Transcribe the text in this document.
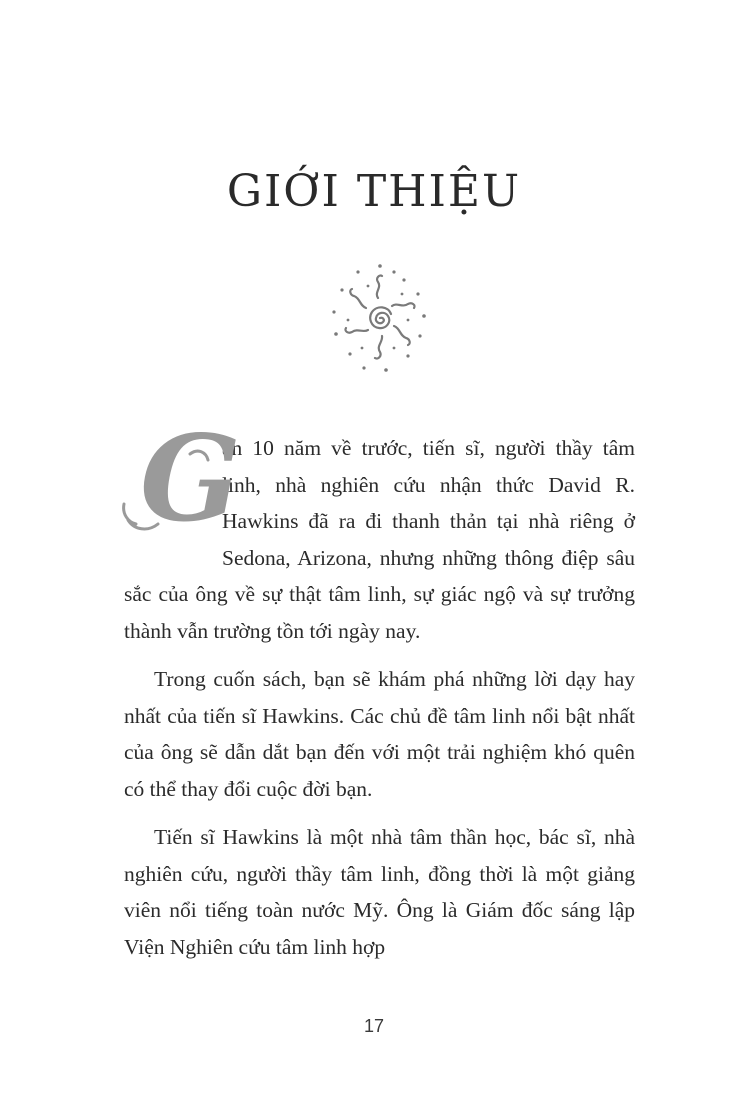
GIỚI THIỆU

G
ần 10 năm về trước, tiến sĩ, người thầy tâm linh, nhà nghiên cứu nhận thức David R. Hawkins đã ra đi thanh thản tại nhà riêng ở Sedona, Arizona, nhưng những thông điệp sâu sắc của ông về sự thật tâm linh, sự giác ngộ và sự trưởng thành vẫn trường tồn tới ngày nay.

Trong cuốn sách, bạn sẽ khám phá những lời dạy hay nhất của tiến sĩ Hawkins. Các chủ đề tâm linh nổi bật nhất của ông sẽ dẫn dắt bạn đến với một trải nghiệm khó quên có thể thay đổi cuộc đời bạn.

Tiến sĩ Hawkins là một nhà tâm thần học, bác sĩ, nhà nghiên cứu, người thầy tâm linh, đồng thời là một giảng viên nổi tiếng toàn nước Mỹ. Ông là Giám đốc sáng lập Viện Nghiên cứu tâm linh hợp

17
